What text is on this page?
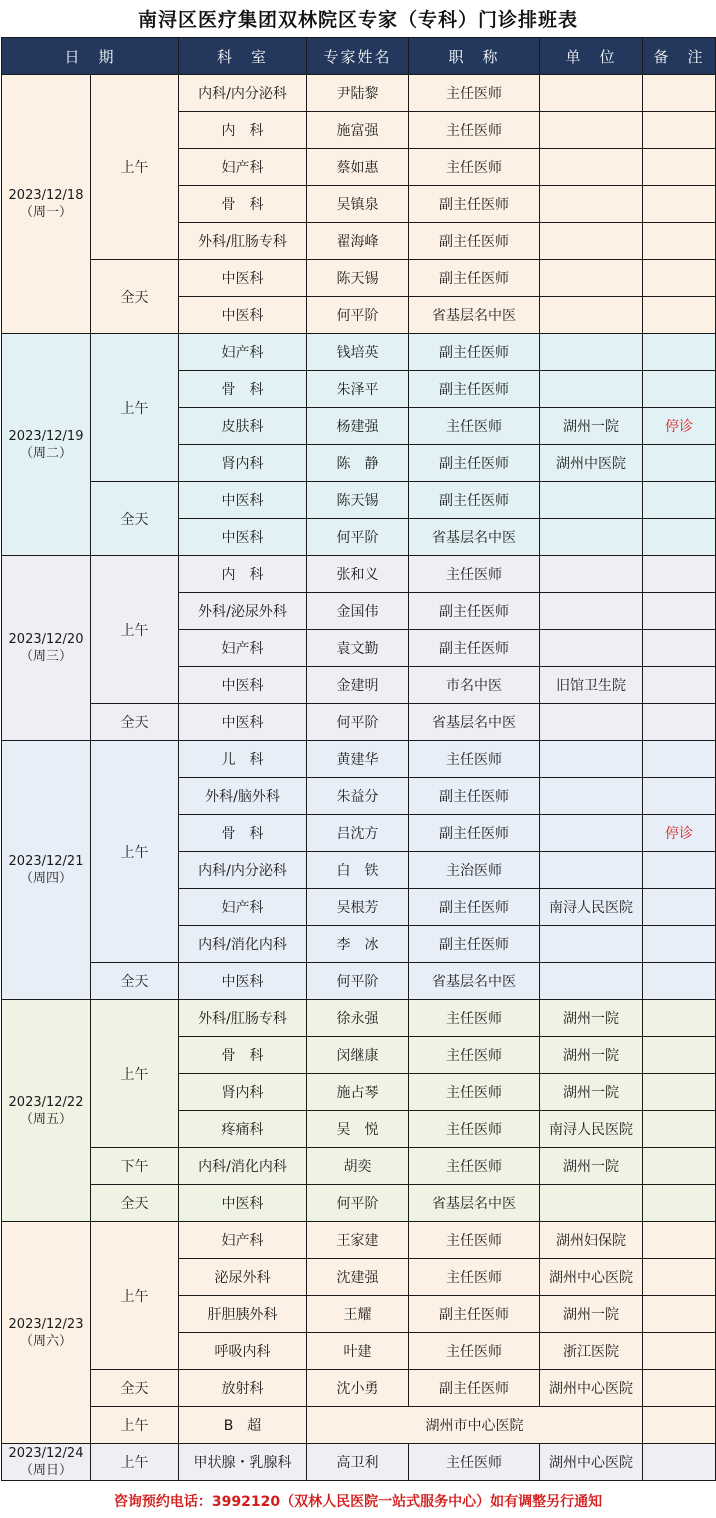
南浔区医疗集团双林院区专家（专科）门诊排班表
日　期		科　室	专家姓名	职　称	单　位	备　注

2023/12/18
（周一）	上午	内科/内分泌科	尹陆黎	主任医师		
		内　科	施富强	主任医师		
		妇产科	蔡如惠	主任医师		
		骨　科	吴镇泉	副主任医师		
		外科/肛肠专科	翟海峰	副主任医师		
	全天	中医科	陈天锡	副主任医师		
		中医科	何平阶	省基层名中医		

2023/12/19
（周二）	上午	妇产科	钱培英	副主任医师		
		骨　科	朱泽平	副主任医师		
		皮肤科	杨建强	主任医师	湖州一院	停诊
		肾内科	陈　静	副主任医师	湖州中医院	
	全天	中医科	陈天锡	副主任医师		
		中医科	何平阶	省基层名中医		

2023/12/20
（周三）	上午	内　科	张和义	主任医师		
		外科/泌尿外科	金国伟	副主任医师		
		妇产科	袁文勤	副主任医师		
		中医科	金建明	市名中医	旧馆卫生院	
	全天	中医科	何平阶	省基层名中医		

2023/12/21
（周四）	上午	儿　科	黄建华	主任医师		
		外科/脑外科	朱益分	副主任医师		
		骨　科	吕沈方	副主任医师		停诊
		内科/内分泌科	白　铁	主治医师		
		妇产科	吴根芳	副主任医师	南浔人民医院	
		内科/消化内科	李　冰	副主任医师		
	全天	中医科	何平阶	省基层名中医		

2023/12/22
（周五）	上午	外科/肛肠专科	徐永强	主任医师	湖州一院	
		骨　科	闵继康	主任医师	湖州一院	
		肾内科	施占琴	主任医师	湖州一院	
		疼痛科	吴　悦	主任医师	南浔人民医院	
	下午	内科/消化内科	胡奕	主任医师	湖州一院	
	全天	中医科	何平阶	省基层名中医		

2023/12/23
（周六）	上午	妇产科	王家建	主任医师	湖州妇保院	
		泌尿外科	沈建强	主任医师	湖州中心医院	
		肝胆胰外科	王耀	副主任医师	湖州一院	
		呼吸内科	叶建	主任医师	浙江医院	
	全天	放射科	沈小勇	副主任医师	湖州中心医院	
	上午	B　超	湖州市中心医院			

2023/12/24
（周日）	上午	甲状腺・乳腺科	高卫利	主任医师	湖州中心医院	
咨询预约电话：3992120（双林人民医院一站式服务中心）如有调整另行通知
